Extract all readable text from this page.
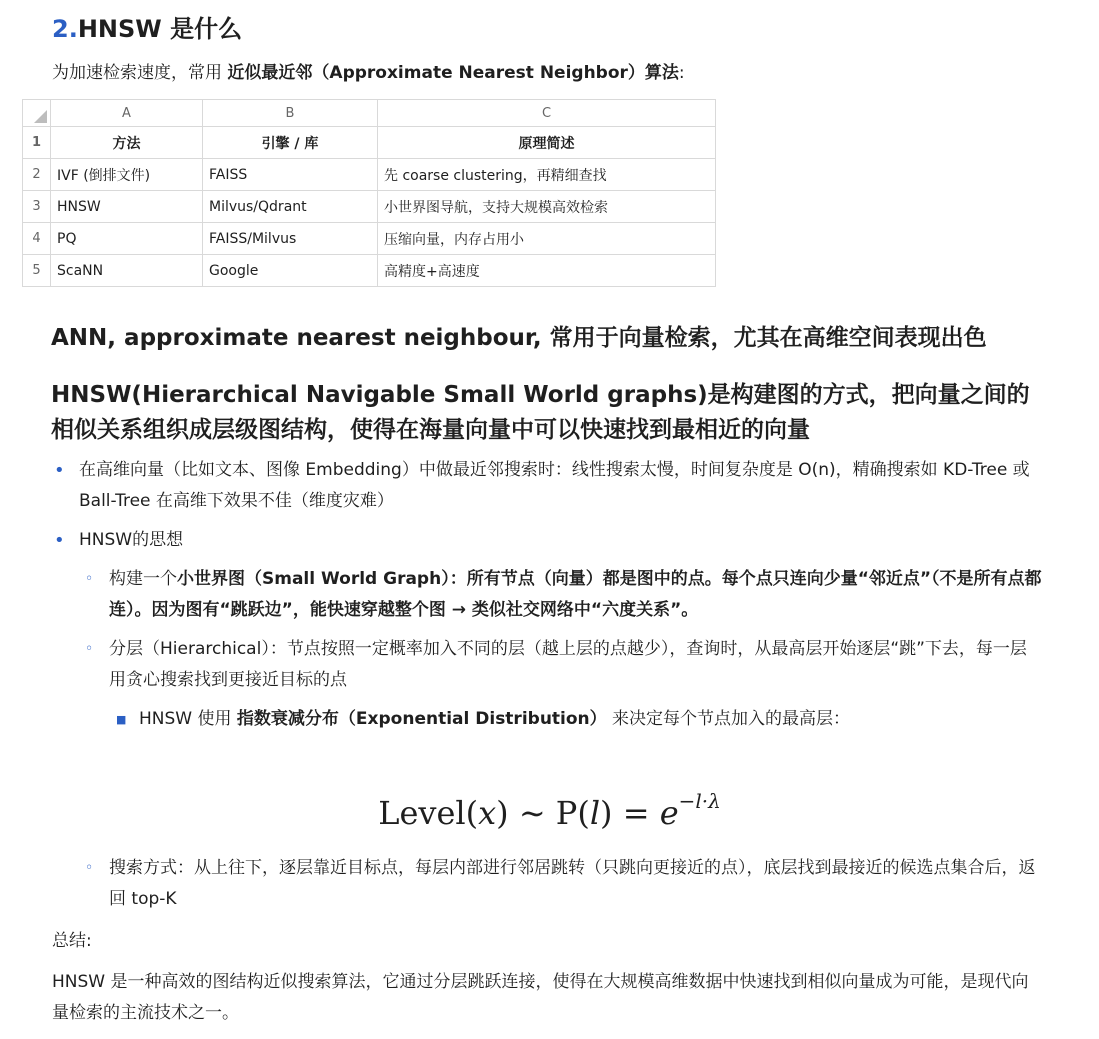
2.HNSW 是什么
为加速检索速度，常用 近似最近邻（Approximate Nearest Neighbor）算法:
	A	B	C
1	方法	引擎 / 库	原理简述
2	IVF (倒排文件)	FAISS	先 coarse clustering，再精细查找
3	HNSW	Milvus/Qdrant	小世界图导航，支持大规模高效检索
4	PQ	FAISS/Milvus	压缩向量，内存占用小
5	ScaNN	Google	高精度+高速度
ANN, approximate nearest neighbour, 常用于向量检索，尤其在高维空间表现出色
HNSW(Hierarchical Navigable Small World graphs)是构建图的方式，把向量之间的相似关系组织成层级图结构，使得在海量向量中可以快速找到最相近的向量
• 在高维向量（比如文本、图像 Embedding）中做最近邻搜索时：线性搜索太慢，时间复杂度是 O(n)，精确搜索如 KD-Tree 或 Ball-Tree 在高维下效果不佳（维度灾难）
• HNSW的思想
◦ 构建一个小世界图（Small World Graph）：所有节点（向量）都是图中的点。每个点只连向少量“邻近点”（不是所有点都连）。因为图有“跳跃边”，能快速穿越整个图 → 类似社交网络中“六度关系”。
◦ 分层（Hierarchical）：节点按照一定概率加入不同的层（越上层的点越少），查询时，从最高层开始逐层“跳”下去，每一层用贪心搜索找到更接近目标的点
■ HNSW 使用 指数衰减分布（Exponential Distribution） 来决定每个节点加入的最高层：
Level(x) ∼ $P(l) = e^{-l\cdot\lambda}$
◦ 搜索方式：从上往下，逐层靠近目标点，每层内部进行邻居跳转（只跳向更接近的点），底层找到最接近的候选点集合后，返回 top-K
总结:
HNSW 是一种高效的图结构近似搜索算法，它通过分层跳跃连接，使得在大规模高维数据中快速找到相似向量成为可能，是现代向量检索的主流技术之一。
